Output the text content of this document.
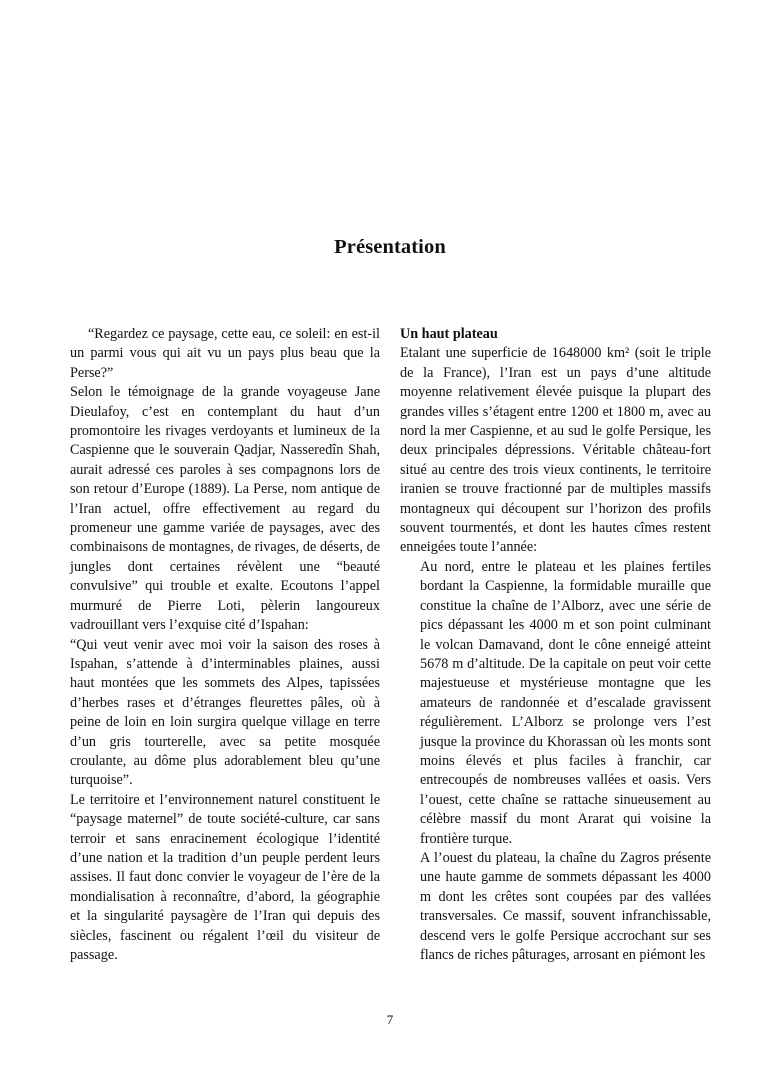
Présentation

“Regardez ce paysage, cette eau, ce soleil: en est-il un parmi vous qui ait vu un pays plus beau que la Perse?”

Selon le témoignage de la grande voyageuse Jane Dieulafoy, c’est en contemplant du haut d’un promontoire les rivages verdoyants et lumineux de la Caspienne que le souverain Qadjar, Nasseredîn Shah, aurait adressé ces paroles à ses compagnons lors de son retour d’Europe (1889). La Perse, nom antique de l’Iran actuel, offre effectivement au regard du promeneur une gamme variée de paysages, avec des combinaisons de montagnes, de rivages, de déserts, de jungles dont certaines révèlent une “beauté convulsive” qui trouble et exalte. Ecoutons l’appel murmuré de Pierre Loti, pèlerin langoureux vadrouillant vers l’exquise cité d’Ispahan:

“Qui veut venir avec moi voir la saison des roses à Ispahan, s’attende à d’interminables plaines, aussi haut montées que les sommets des Alpes, tapissées d’herbes rases et d’étranges fleurettes pâles, où à peine de loin en loin surgira quelque village en terre d’un gris tourterelle, avec sa petite mosquée croulante, au dôme plus adorablement bleu qu’une turquoise”.

Le territoire et l’environnement naturel constituent le “paysage maternel” de toute société-culture, car sans terroir et sans enracinement écologique l’identité d’une nation et la tradition d’un peuple perdent leurs assises. Il faut donc convier le voyageur de l’ère de la mondialisation à reconnaître, d’abord, la géographie et la singularité paysagère de l’Iran qui depuis des siècles, fascinent ou régalent l’œil du visiteur de passage.

Un haut plateau

Etalant une superficie de 1648000 km² (soit le triple de la France), l’Iran est un pays d’une altitude moyenne relativement élevée puisque la plupart des grandes villes s’étagent entre 1200 et 1800 m, avec au nord la mer Caspienne, et au sud le golfe Persique, les deux principales dépressions. Véritable château-fort situé au centre des trois vieux continents, le territoire iranien se trouve fractionné par de multiples massifs montagneux qui découpent sur l’horizon des profils souvent tourmentés, et dont les hautes cîmes restent enneigées toute l’année:

Au nord, entre le plateau et les plaines fertiles bordant la Caspienne, la formidable muraille que constitue la chaîne de l’Alborz, avec une série de pics dépassant les 4000 m et son point culminant le volcan Damavand, dont le cône enneigé atteint 5678 m d’altitude. De la capitale on peut voir cette majestueuse et mystérieuse montagne que les amateurs de randonnée et d’escalade gravissent régulièrement. L’Alborz se prolonge vers l’est jusque la province du Khorassan où les monts sont moins élevés et plus faciles à franchir, car entrecoupés de nombreuses vallées et oasis. Vers l’ouest, cette chaîne se rattache sinueusement au célèbre massif du mont Ararat qui voisine la frontière turque.

A l’ouest du plateau, la chaîne du Zagros présente une haute gamme de sommets dépassant les 4000 m dont les crêtes sont coupées par des vallées transversales. Ce massif, souvent infranchissable, descend vers le golfe Persique accrochant sur ses flancs de riches pâturages, arrosant en piémont les

7
